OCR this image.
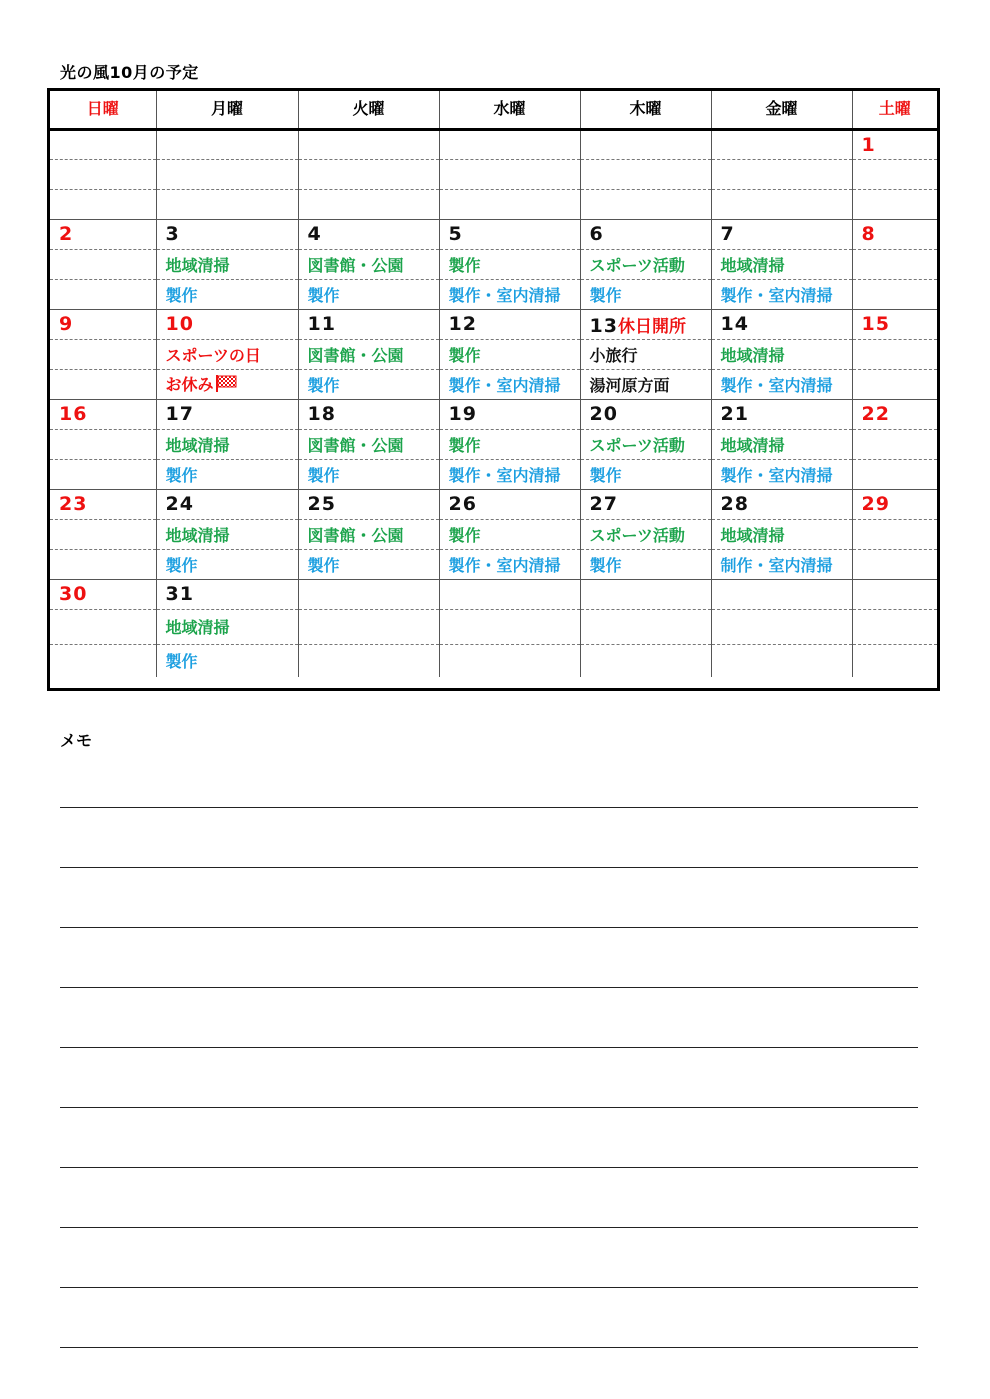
光の風10月の予定
日曜	月曜	火曜	水曜	木曜	金曜	土曜
						1

2	3	4	5	6	7	8
	地域清掃	図書館・公園	製作	スポーツ活動	地域清掃	
	製作	製作	製作・室内清掃	製作	製作・室内清掃	
9	10	11	12	13休日開所	14	15
	スポーツの日	図書館・公園	製作	小旅行	地域清掃	
	お休み	製作	製作・室内清掃	湯河原方面	製作・室内清掃	
16	17	18	19	20	21	22
	地域清掃	図書館・公園	製作	スポーツ活動	地域清掃	
	製作	製作	製作・室内清掃	製作	製作・室内清掃	
23	24	25	26	27	28	29
	地域清掃	図書館・公園	製作	スポーツ活動	地域清掃	
	製作	製作	製作・室内清掃	製作	制作・室内清掃	
30	31					
	地域清掃					
	製作					
メモ
